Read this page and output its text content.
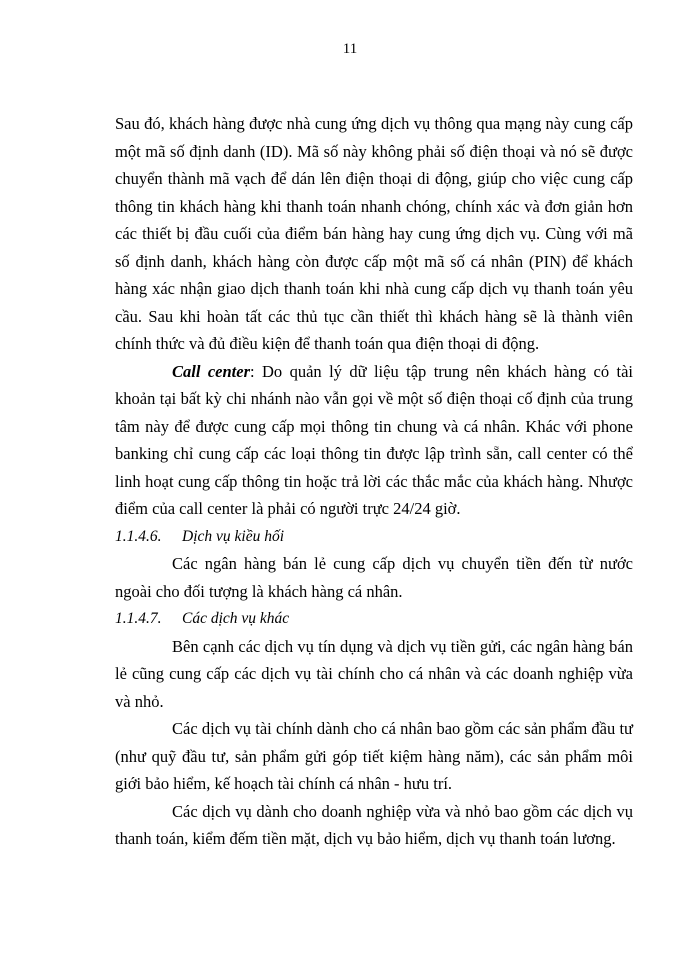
11

Sau đó, khách hàng được nhà cung ứng dịch vụ thông qua mạng này cung cấp một mã số định danh (ID). Mã số này không phải số điện thoại và nó sẽ được chuyển thành mã vạch để dán lên điện thoại di động, giúp cho việc cung cấp thông tin khách hàng khi thanh toán nhanh chóng, chính xác và đơn giản hơn các thiết bị đầu cuối của điểm bán hàng hay cung ứng dịch vụ. Cùng với mã số định danh, khách hàng còn được cấp một mã số cá nhân (PIN) để khách hàng xác nhận giao dịch thanh toán khi nhà cung cấp dịch vụ thanh toán yêu cầu. Sau khi hoàn tất các thủ tục cần thiết thì khách hàng sẽ là thành viên chính thức và đủ điều kiện để thanh toán qua điện thoại di động.

Call center: Do quản lý dữ liệu tập trung nên khách hàng có tài khoản tại bất kỳ chi nhánh nào vẫn gọi về một số điện thoại cố định của trung tâm này để được cung cấp mọi thông tin chung và cá nhân. Khác với phone banking chỉ cung cấp các loại thông tin được lập trình sẵn, call center có thể linh hoạt cung cấp thông tin hoặc trả lời các thắc mắc của khách hàng. Nhược điểm của call center là phải có người trực 24/24 giờ.

1.1.4.6. Dịch vụ kiều hối

Các ngân hàng bán lẻ cung cấp dịch vụ chuyển tiền đến từ nước ngoài cho đối tượng là khách hàng cá nhân.

1.1.4.7. Các dịch vụ khác

Bên cạnh các dịch vụ tín dụng và dịch vụ tiền gửi, các ngân hàng bán lẻ cũng cung cấp các dịch vụ tài chính cho cá nhân và các doanh nghiệp vừa và nhỏ.

Các dịch vụ tài chính dành cho cá nhân bao gồm các sản phẩm đầu tư (như quỹ đầu tư, sản phẩm gửi góp tiết kiệm hàng năm), các sản phẩm môi giới bảo hiểm, kế hoạch tài chính cá nhân - hưu trí.

Các dịch vụ dành cho doanh nghiệp vừa và nhỏ bao gồm các dịch vụ thanh toán, kiểm đếm tiền mặt, dịch vụ bảo hiểm, dịch vụ thanh toán lương.
